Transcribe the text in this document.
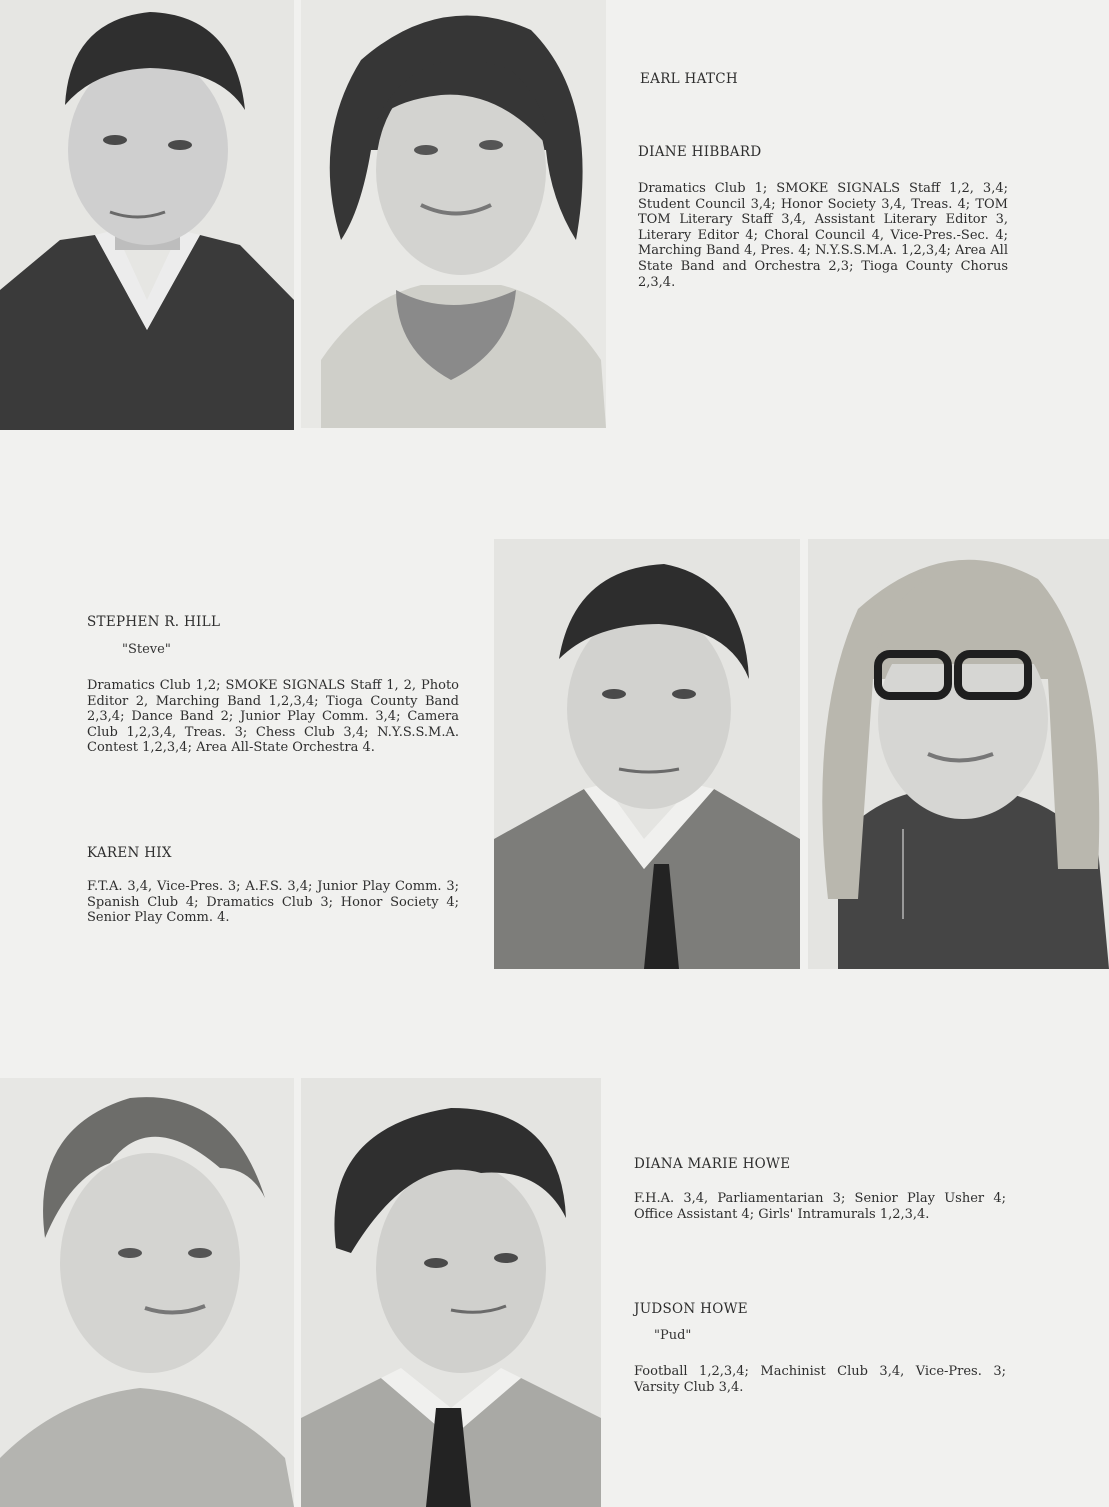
EARL HATCH
DIANE HIBBARD

Dramatics Club 1; SMOKE SIGNALS Staff 1,2, 3,4; Student Council 3,4; Honor Society 3,4, Treas. 4; TOM TOM Literary Staff 3,4, Assistant Literary Editor 3, Literary Editor 4; Choral Council 4, Vice-Pres.-Sec. 4; Marching Band 4, Pres. 4; N.Y.S.S.M.A. 1,2,3,4; Area All State Band and Orchestra 2,3; Tioga County Chorus 2,3,4.

STEPHEN R. HILL

"Steve"

Dramatics Club 1,2; SMOKE SIGNALS Staff 1, 2, Photo Editor 2, Marching Band 1,2,3,4; Tioga County Band 2,3,4; Dance Band 2; Junior Play Comm. 3,4; Camera Club 1,2,3,4, Treas. 3; Chess Club 3,4; N.Y.S.S.M.A. Contest 1,2,3,4; Area All-State Orchestra 4.

KAREN HIX

F.T.A. 3,4, Vice-Pres. 3; A.F.S. 3,4; Junior Play Comm. 3; Spanish Club 4; Dramatics Club 3; Honor Society 4; Senior Play Comm. 4.

DIANA MARIE HOWE

F.H.A. 3,4, Parliamentarian 3; Senior Play Usher 4; Office Assistant 4; Girls' Intramurals 1,2,3,4.

JUDSON HOWE

"Pud"

Football 1,2,3,4; Machinist Club 3,4, Vice-Pres. 3; Varsity Club 3,4.
